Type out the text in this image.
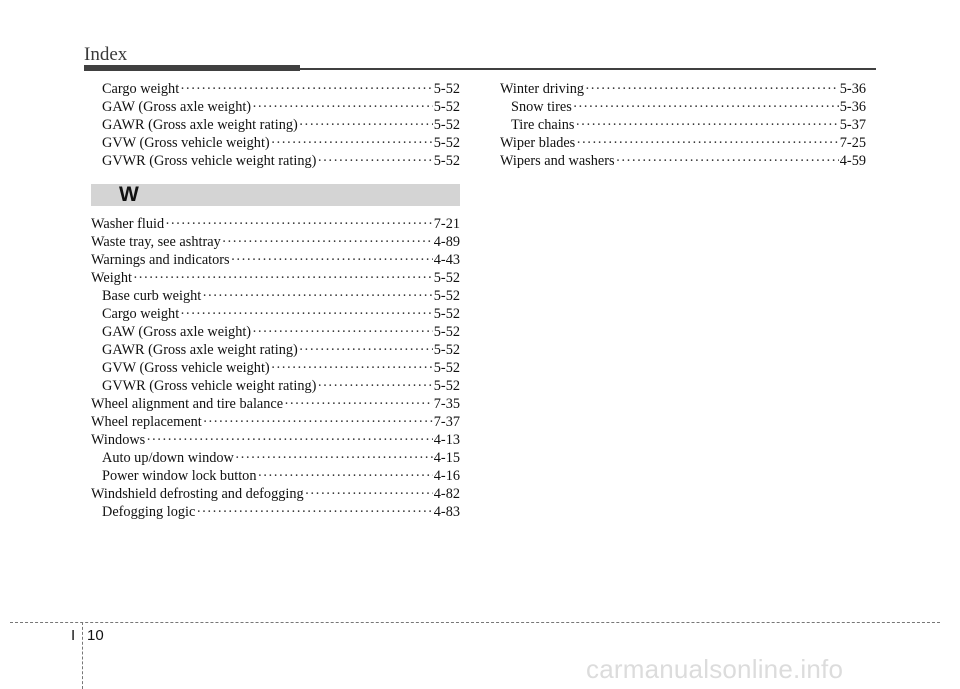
Index
Cargo weight ·····	5-52
GAW (Gross axle weight) ·····	5-52
GAWR (Gross axle weight rating) ·····	5-52
GVW (Gross vehicle weight) ·····	5-52
GVWR (Gross vehicle weight rating) ·····	5-52
W
Washer fluid ·····	7-21
Waste tray, see ashtray ·····	4-89
Warnings and indicators ·····	4-43
Weight ·····	5-52
Base curb weight ·····	5-52
Cargo weight ·····	5-52
GAW (Gross axle weight) ·····	5-52
GAWR (Gross axle weight rating) ·····	5-52
GVW (Gross vehicle weight) ·····	5-52
GVWR (Gross vehicle weight rating) ·····	5-52
Wheel alignment and tire balance ·····	7-35
Wheel replacement ·····	7-37
Windows ·····	4-13
Auto up/down window ·····	4-15
Power window lock button ·····	4-16
Windshield defrosting and defogging ·····	4-82
Defogging logic ·····	4-83
Winter driving ·····	5-36
Snow tires ·····	5-36
Tire chains ·····	5-37
Wiper blades ·····	7-25
Wipers and washers ·····	4-59
I 10
carmanualsonline.info
